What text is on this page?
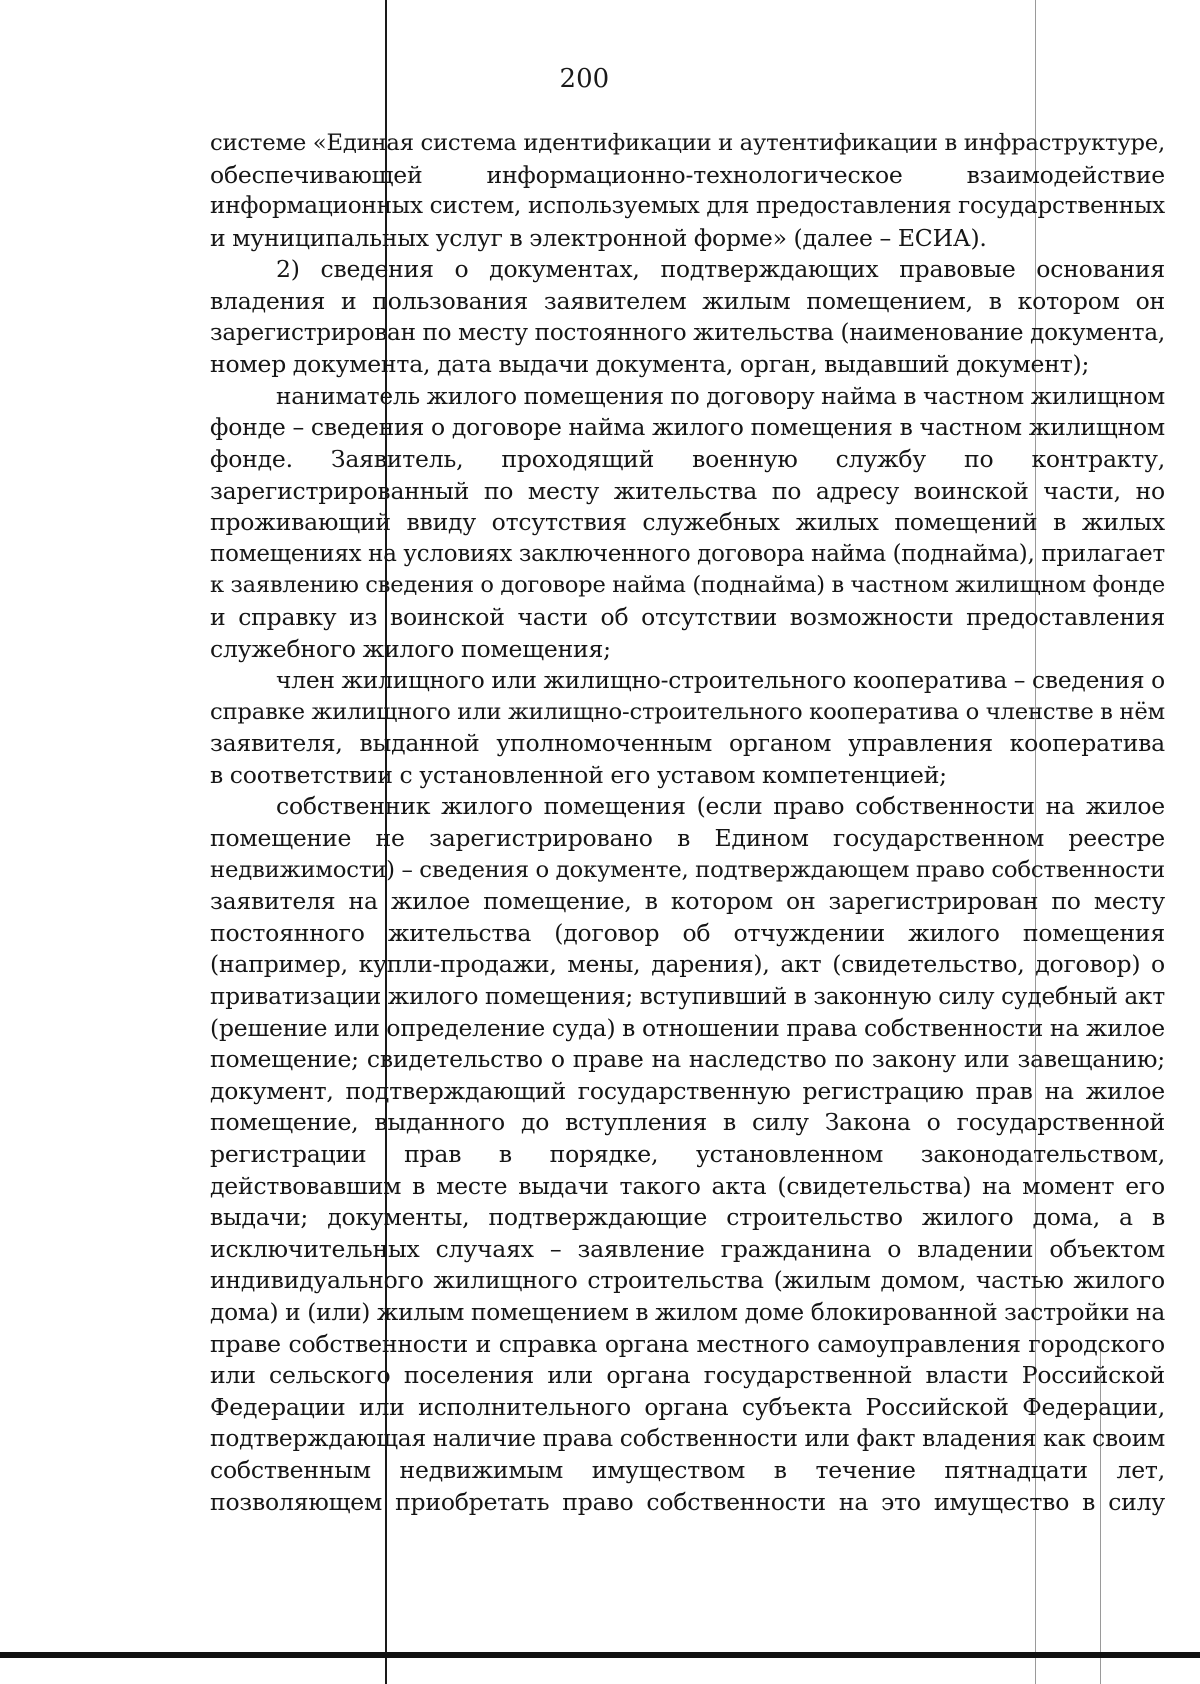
200
системе «Единая система идентификации и аутентификации в инфраструктуре,
обеспечивающей информационно-технологическое взаимодействие
информационных систем, используемых для предоставления государственных
и муниципальных услуг в электронной форме» (далее – ЕСИА).
2) сведения о документах, подтверждающих правовые основания
владения и пользования заявителем жилым помещением, в котором он
зарегистрирован по месту постоянного жительства (наименование документа,
номер документа, дата выдачи документа, орган, выдавший документ);
наниматель жилого помещения по договору найма в частном жилищном
фонде – сведения о договоре найма жилого помещения в частном жилищном
фонде. Заявитель, проходящий военную службу по контракту,
зарегистрированный по месту жительства по адресу воинской части, но
проживающий ввиду отсутствия служебных жилых помещений в жилых
помещениях на условиях заключенного договора найма (поднайма), прилагает
к заявлению сведения о договоре найма (поднайма) в частном жилищном фонде
и справку из воинской части об отсутствии возможности предоставления
служебного жилого помещения;
член жилищного или жилищно-строительного кооператива – сведения о
справке жилищного или жилищно-строительного кооператива о членстве в нём
заявителя, выданной уполномоченным органом управления кооператива
в соответствии с установленной его уставом компетенцией;
собственник жилого помещения (если право собственности на жилое
помещение не зарегистрировано в Едином государственном реестре
недвижимости) – сведения о документе, подтверждающем право собственности
заявителя на жилое помещение, в котором он зарегистрирован по месту
постоянного жительства (договор об отчуждении жилого помещения
(например, купли-продажи, мены, дарения), акт (свидетельство, договор) о
приватизации жилого помещения; вступивший в законную силу судебный акт
(решение или определение суда) в отношении права собственности на жилое
помещение; свидетельство о праве на наследство по закону или завещанию;
документ, подтверждающий государственную регистрацию прав на жилое
помещение, выданного до вступления в силу Закона о государственной
регистрации прав в порядке, установленном законодательством,
действовавшим в месте выдачи такого акта (свидетельства) на момент его
выдачи; документы, подтверждающие строительство жилого дома, а в
исключительных случаях – заявление гражданина о владении объектом
индивидуального жилищного строительства (жилым домом, частью жилого
дома) и (или) жилым помещением в жилом доме блокированной застройки на
праве собственности и справка органа местного самоуправления городского
или сельского поселения или органа государственной власти Российской
Федерации или исполнительного органа субъекта Российской Федерации,
подтверждающая наличие права собственности или факт владения как своим
собственным недвижимым имуществом в течение пятнадцати лет,
позволяющем приобретать право собственности на это имущество в силу
